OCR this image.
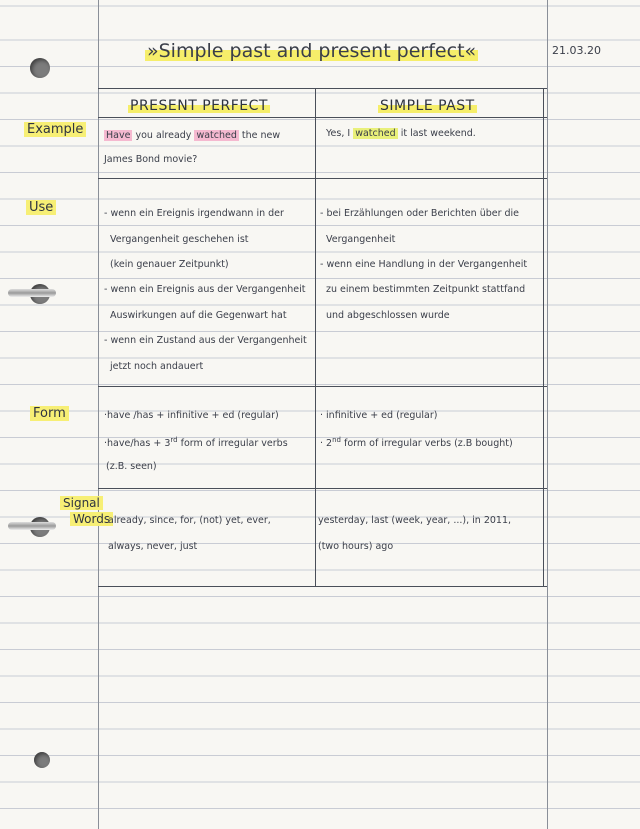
»Simple past and present perfect«	21.03.20
PRESENT PERFECT	SIMPLE PAST
Example
Use
Form
Signal
Words
Have you already watched the new
James Bond movie?
Yes, I watched it last weekend.
- wenn ein Ereignis irgendwann in der
Vergangenheit geschehen ist
(kein genauer Zeitpunkt)
- wenn ein Ereignis aus der Vergangenheit
Auswirkungen auf die Gegenwart hat
- wenn ein Zustand aus der Vergangenheit
jetzt noch andauert
- bei Erzählungen oder Berichten über die
Vergangenheit
- wenn eine Handlung in der Vergangenheit
zu einem bestimmten Zeitpunkt stattfand
und abgeschlossen wurde
·have /has + infinitive + ed (regular)
·have/has + 3rd form of irregular verbs
(z.B. seen)
· infinitive + ed (regular)
· 2nd form of irregular verbs (z.B bought)
already, since, for, (not) yet, ever,
always, never, just
yesterday, last (week, year, ...), in 2011,
(two hours) ago
